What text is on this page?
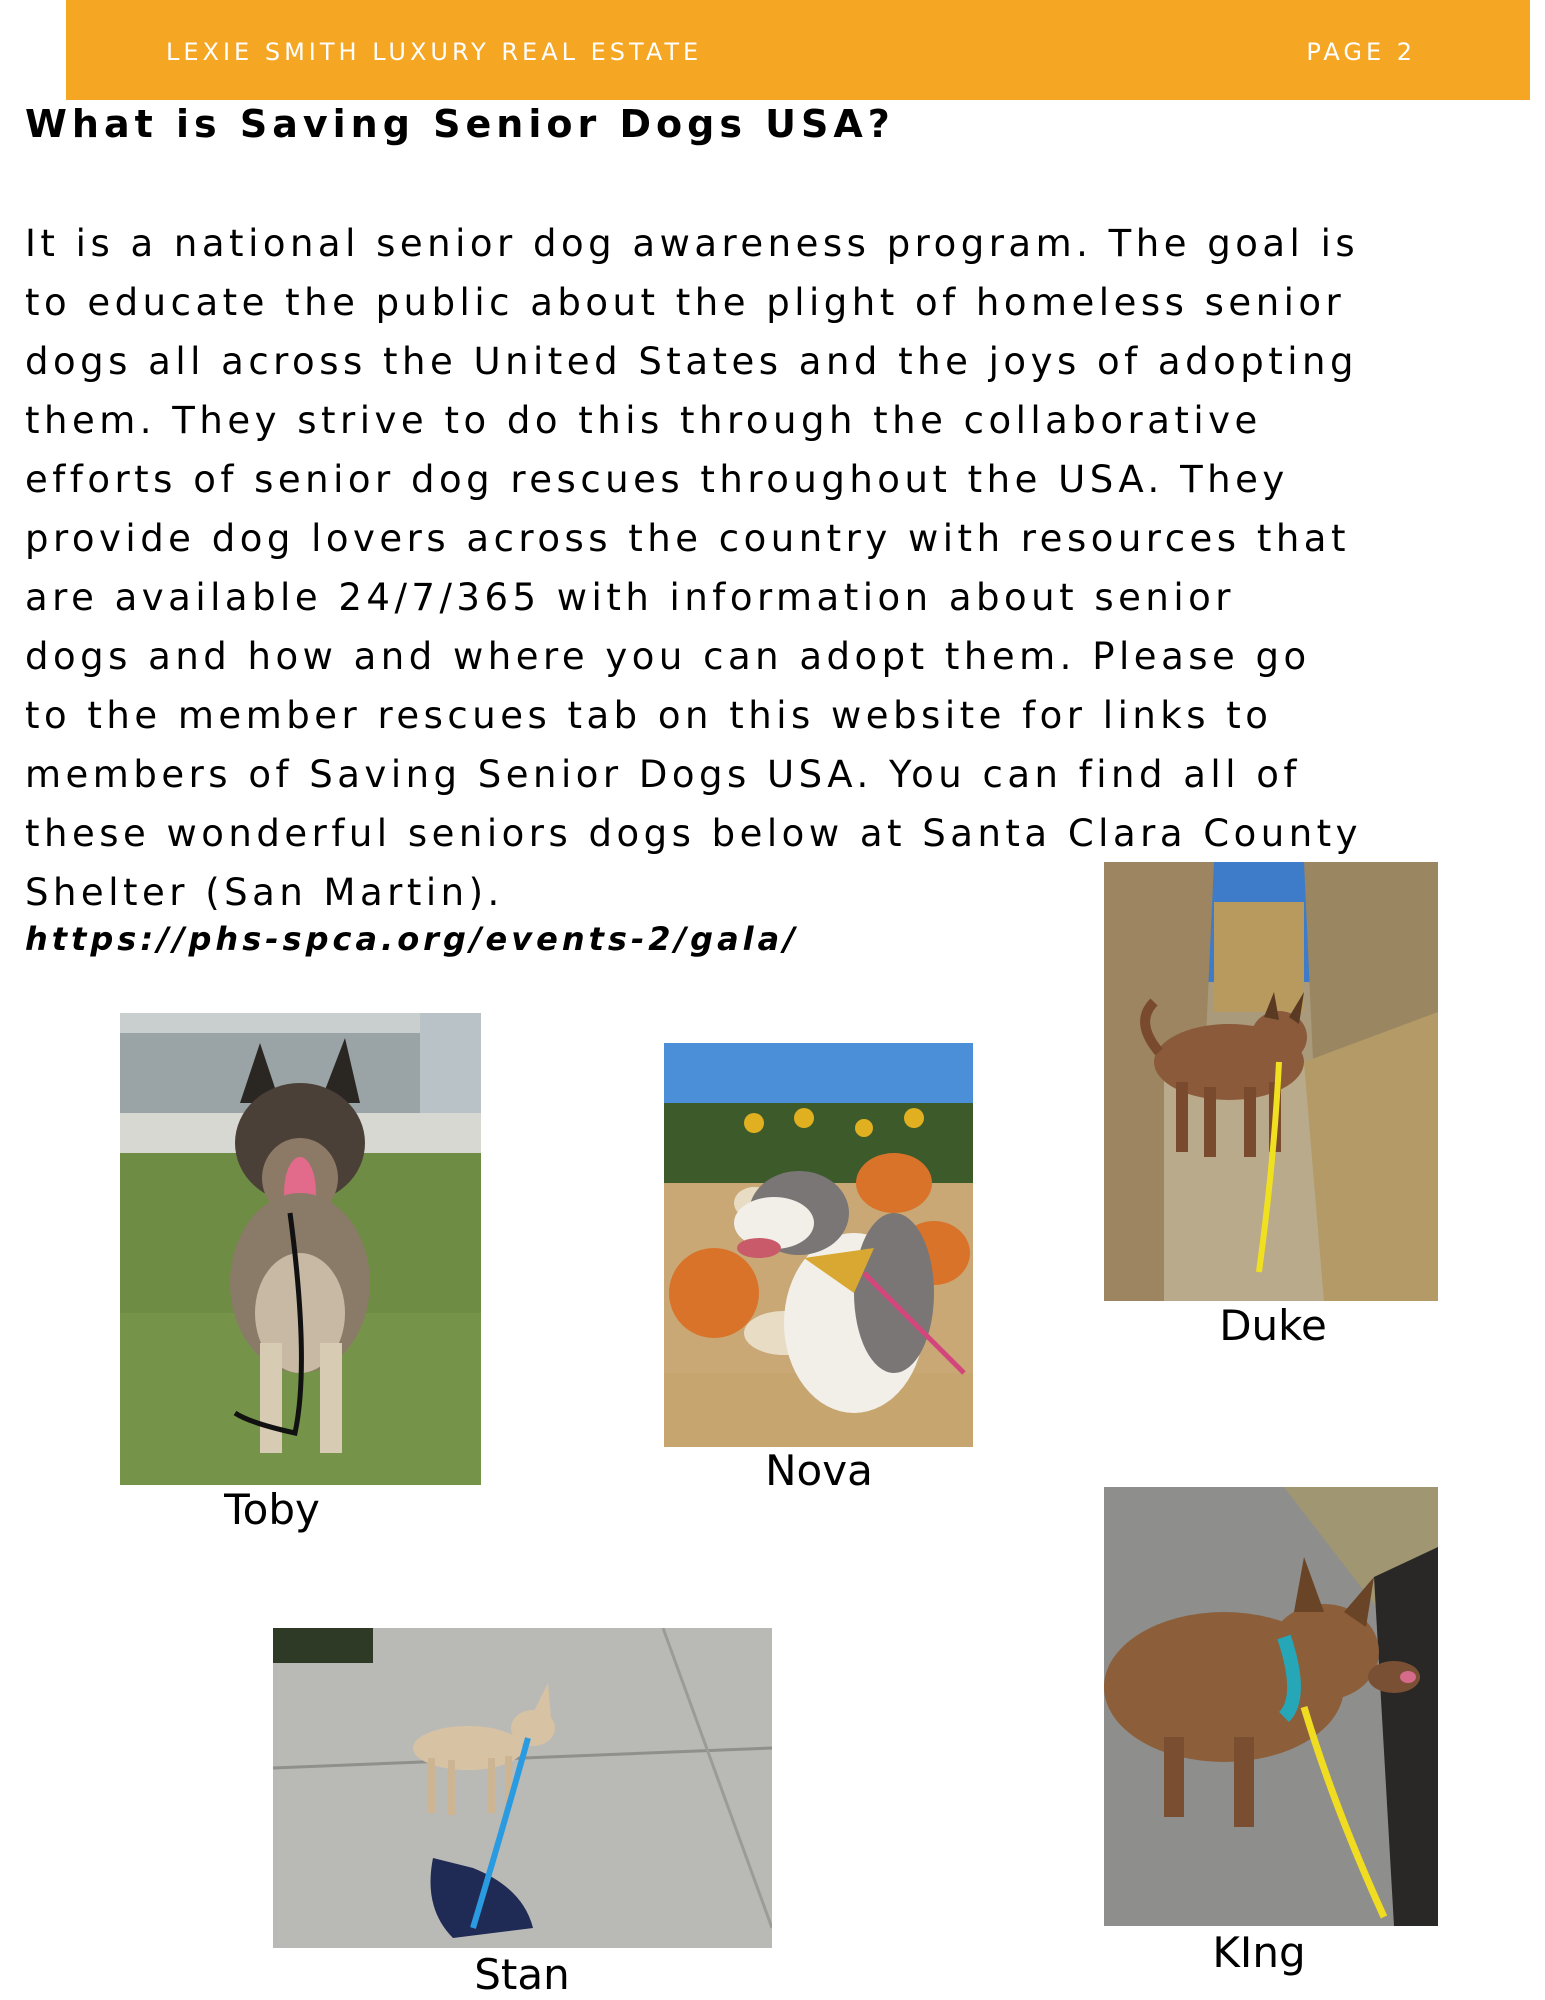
LEXIE SMITH LUXURY REAL ESTATE	PAGE 2
What is Saving Senior Dogs USA?

It is a national senior dog awareness program. The goal is
to educate the public about the plight of homeless senior
dogs all across the United States and the joys of adopting
them. They strive to do this through the collaborative
efforts of senior dog rescues throughout the USA. They
provide dog lovers across the country with resources that
are available 24/7/365 with information about senior
dogs and how and where you can adopt them. Please go
to the member rescues tab on this website for links to
members of Saving Senior Dogs USA. You can find all of
these wonderful seniors dogs below at Santa Clara County
Shelter (San Martin).

https://phs-spca.org/events-2/gala/
Toby
Nova
Duke
Stan	KIng
